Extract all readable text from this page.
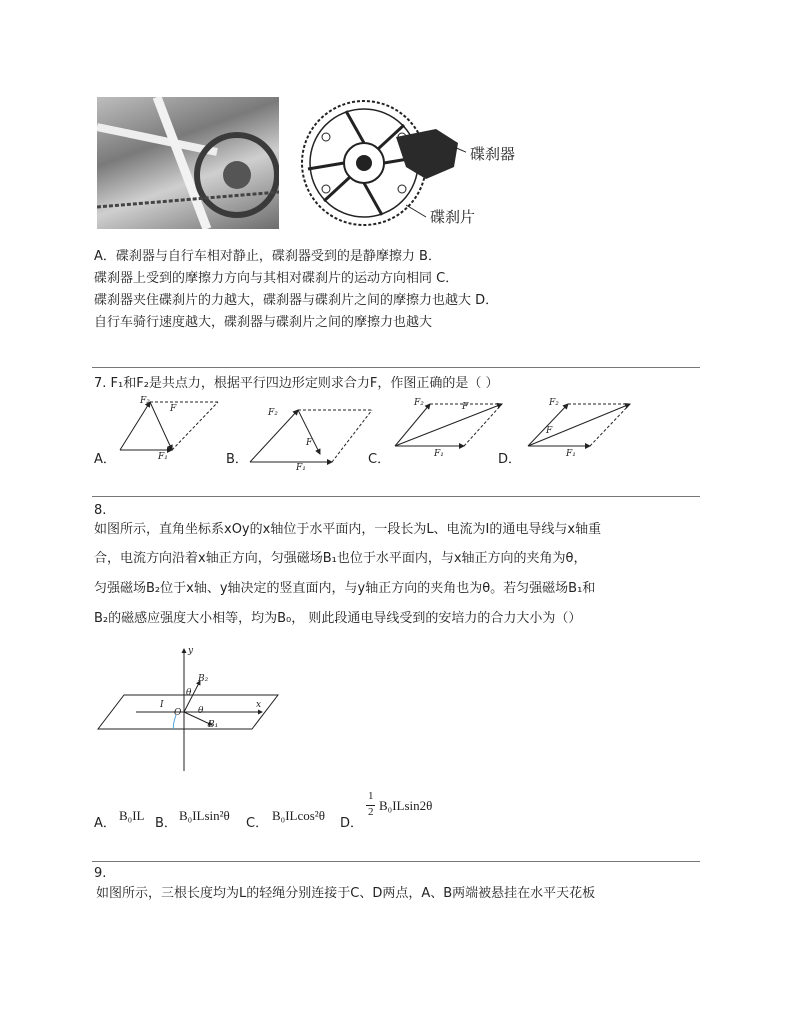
碟刹器
碟刹片
A．碟刹器与自行车相对静止，碟刹器受到的是静摩擦力 B．
碟刹器上受到的摩擦力方向与其相对碟刹片的运动方向相同 C．
碟刹器夹住碟刹片的力越大，碟刹器与碟刹片之间的摩擦力也越大 D．
自行车骑行速度越大，碟刹器与碟刹片之间的摩擦力也越大
7. F₁和F₂是共点力，根据平行四边形定则求合力F，作图正确的是（ ）
F₂
F
F₁
F₂
F
F₁
F₂	F
F₁
F₂
F
F₁
A．	B．	C．	D．
8.
如图所示，直角坐标系xOy的x轴位于水平面内，一段长为L、电流为I的通电导线与x轴重
合，电流方向沿着x轴正方向，匀强磁场B₁也位于水平面内，与x轴正方向的夹角为θ，
匀强磁场B₂位于x轴、y轴决定的竖直面内，与y轴正方向的夹角也为θ。若匀强磁场B₁和
B₂的磁感应强度大小相等，均为B₀， 则此段通电导线受到的安培力的合力大小为（）
y
x
B₂
B₁
θ
θ
I
O
A．
B₀IL
B．
B₀ILsin²θ
C．
B₀ILcos²θ
D．
1
2 B₀ILsin2θ
9.
如图所示，三根长度均为L的轻绳分别连接于C、D两点，A、B两端被悬挂在水平天花板
